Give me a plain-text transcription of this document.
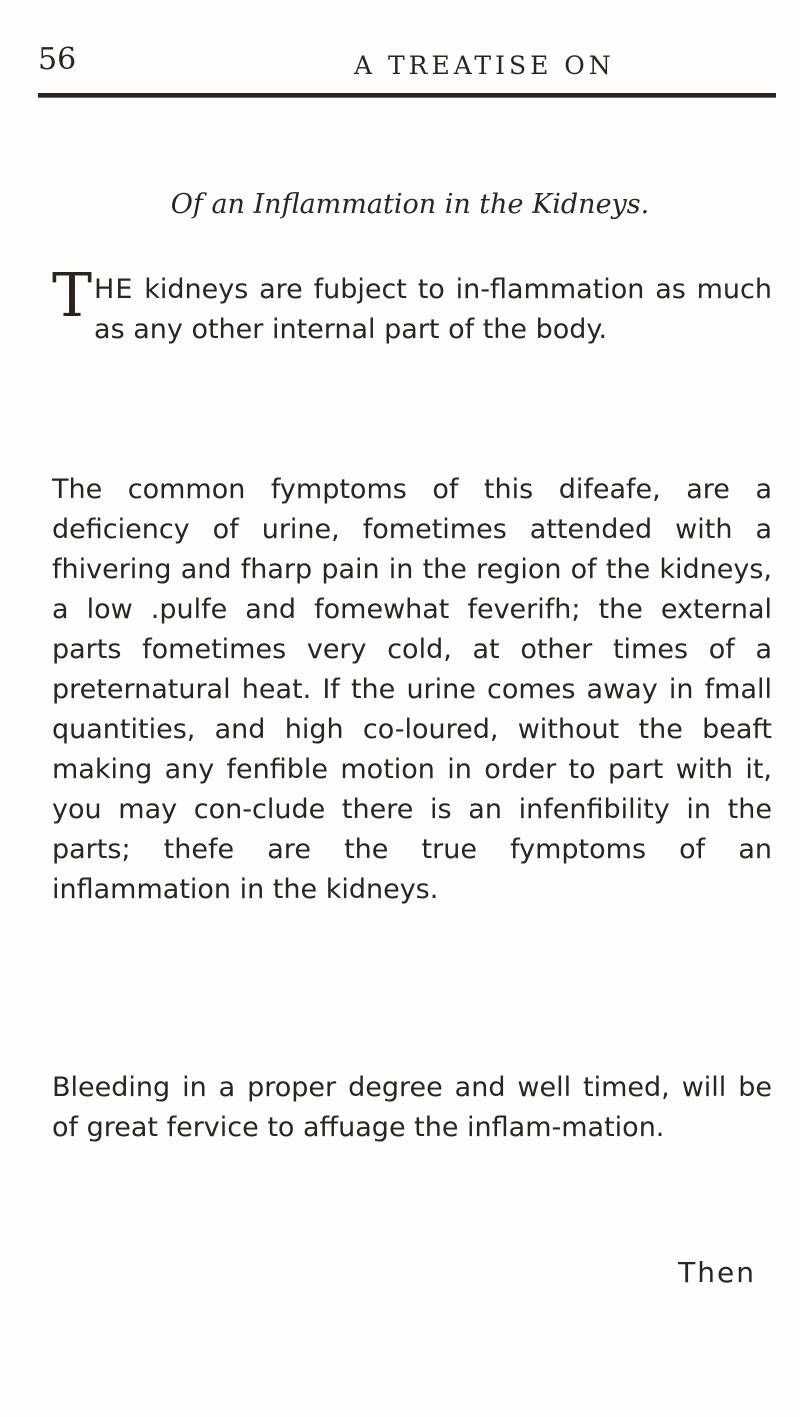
56	A TREATISE ON
Of an Inflammation in the Kidneys.

THE kidneys are fubject to in-flammation as much as any other internal part of the body.

The common fymptoms of this difeafe, are a deficiency of urine, fometimes attended with a fhivering and fharp pain in the region of the kidneys, a low .pulfe and fomewhat feverifh; the external parts fometimes very cold, at other times of a preternatural heat. If the urine comes away in fmall quantities, and high co-loured, without the beaft making any fenfible motion in order to part with it, you may con-clude there is an infenfibility in the parts; thefe are the true fymptoms of an inflammation in the kidneys.

Bleeding in a proper degree and well timed, will be of great fervice to affuage the inflam-mation.

Then
